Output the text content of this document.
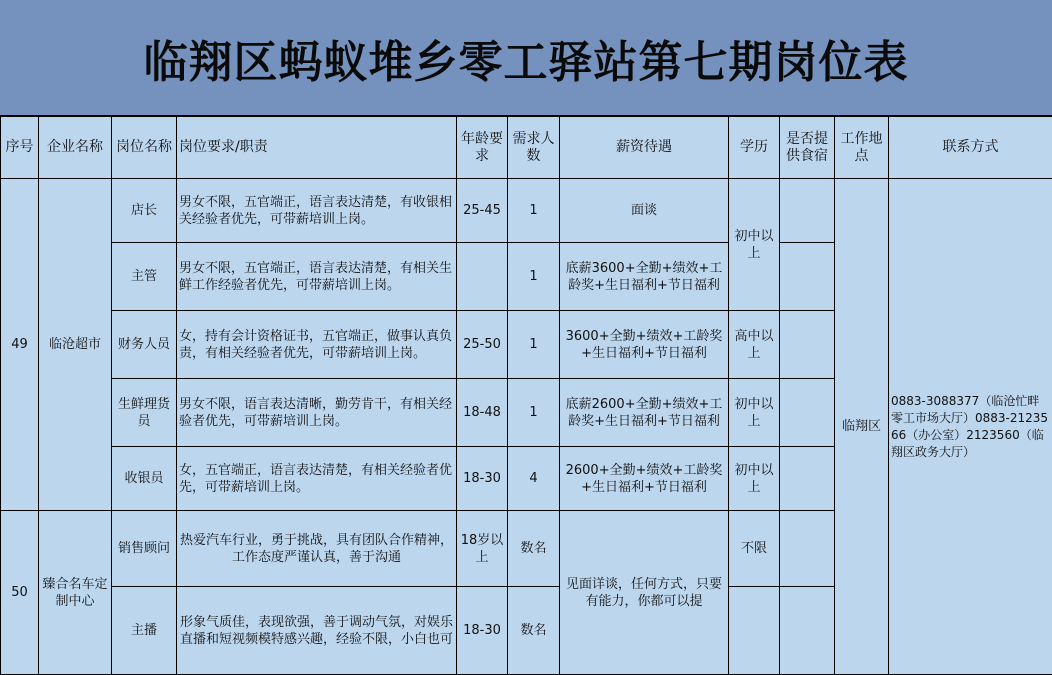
临翔区蚂蚁堆乡零工驿站第七期岗位表
序号	企业名称	岗位名称	岗位要求/职责	年龄要求	需求人数	薪资待遇	学历	是否提供食宿	工作地点	联系方式
49	临沧超市	店长	男女不限，五官端正，语言表达清楚，有收银相关经验者优先，可带薪培训上岗。	25-45	1	面谈	初中以上		临翔区	0883-3088377（临沧忙畔零工市场大厅）0883-2123566（办公室）2123560（临翔区政务大厅）
		主管	男女不限，五官端正，语言表达清楚，有相关生鲜工作经验者优先，可带薪培训上岗。		1	底薪3600+全勤+绩效+工龄奖+生日福利+节日福利				
		财务人员	女，持有会计资格证书，五官端正，做事认真负责，有相关经验者优先，可带薪培训上岗。	25-50	1	3600+全勤+绩效+工龄奖+生日福利+节日福利	高中以上			
		生鲜理货员	男女不限，语言表达清晰，勤劳肯干，有相关经验者优先，可带薪培训上岗。	18-48	1	底薪2600+全勤+绩效+工龄奖+生日福利+节日福利	初中以上			
		收银员	女，五官端正，语言表达清楚，有相关经验者优先，可带薪培训上岗。	18-30	4	2600+全勤+绩效+工龄奖+生日福利+节日福利	初中以上			
50	臻合名车定制中心	销售顾问	热爱汽车行业，勇于挑战，具有团队合作精神，工作态度严谨认真，善于沟通	18岁以上	数名	见面详谈，任何方式，只要有能力，你都可以提	不限			
		主播	形象气质佳，表现欲强，善于调动气氛，对娱乐直播和短视频模特感兴趣，经验不限，小白也可	18-30	数名					
